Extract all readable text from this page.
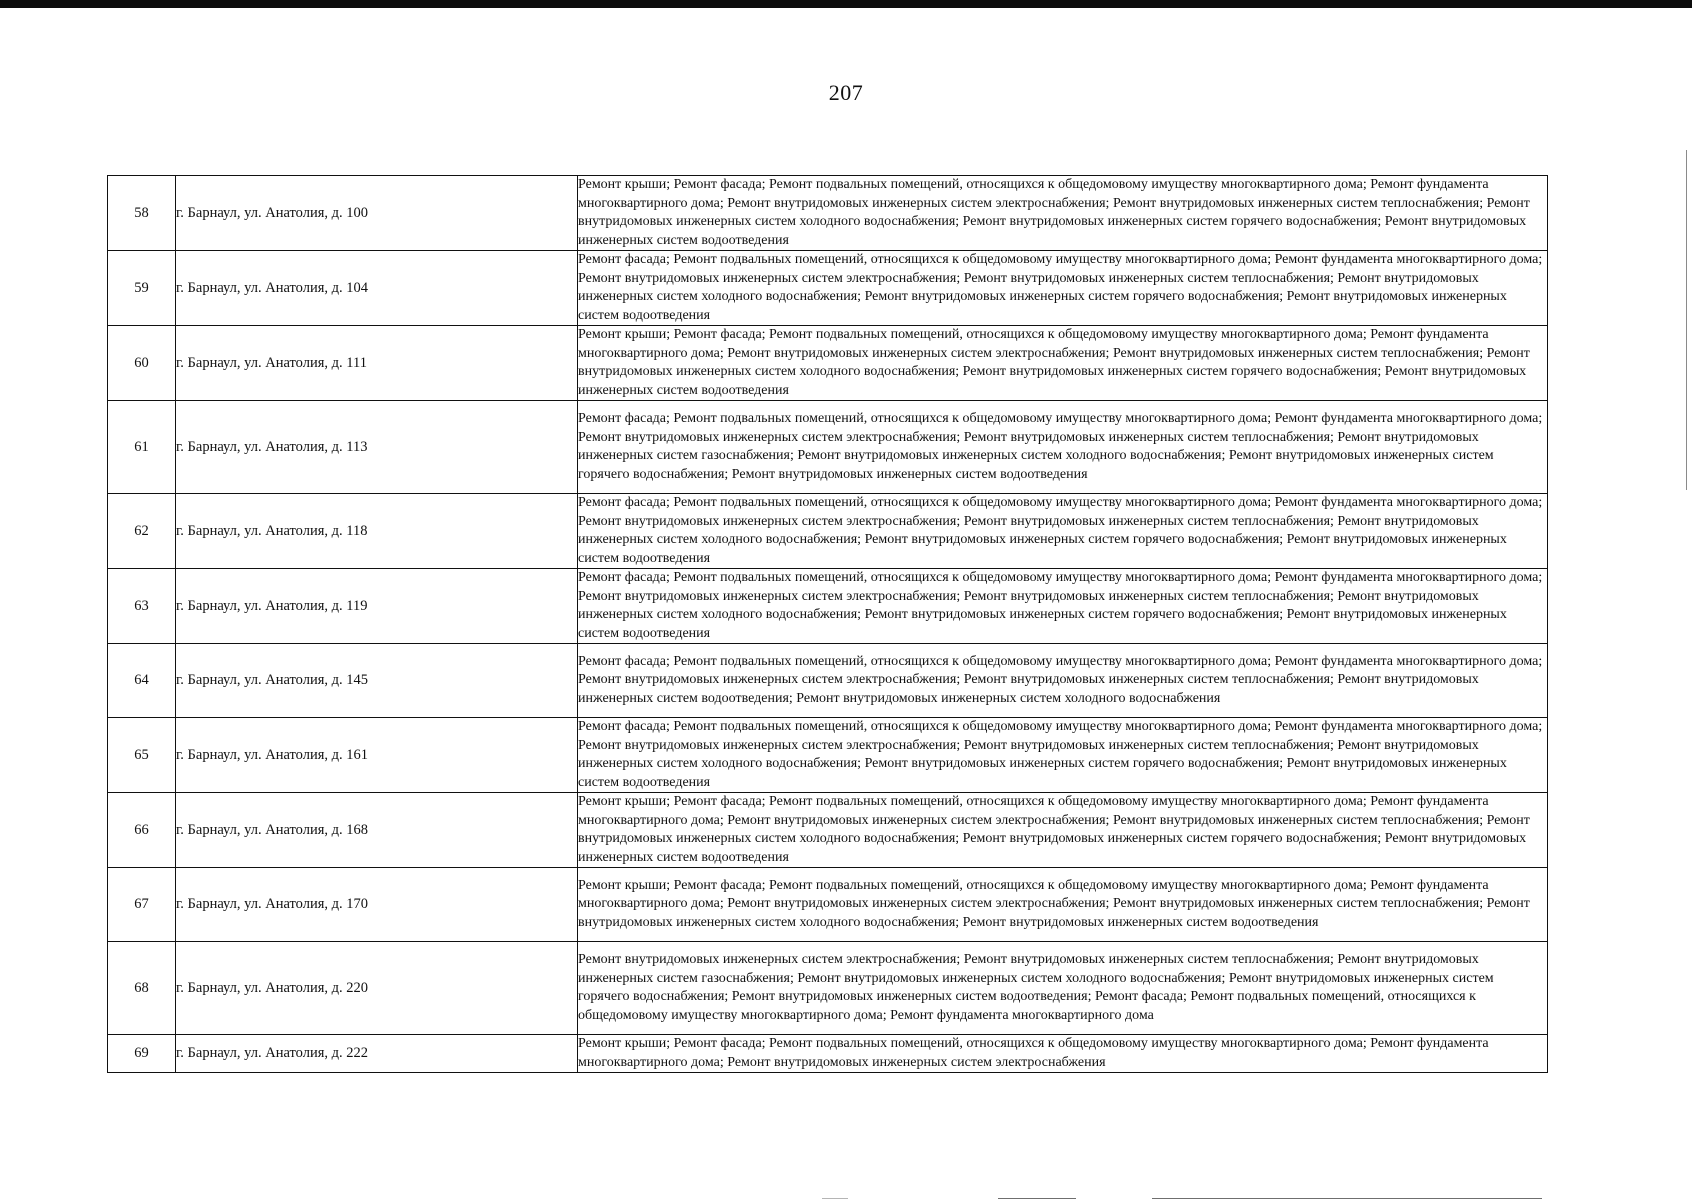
207
58	г. Барнаул, ул. Анатолия, д. 100	Ремонт крыши; Ремонт фасада; Ремонт подвальных помещений, относящихся к общедомовому имуществу многоквартирного дома; Ремонт фундамента многоквартирного дома; Ремонт внутридомовых инженерных систем электроснабжения; Ремонт внутридомовых инженерных систем теплоснабжения; Ремонт внутридомовых инженерных систем холодного водоснабжения; Ремонт внутридомовых инженерных систем горячего водоснабжения; Ремонт внутридомовых инженерных систем водоотведения
59	г. Барнаул, ул. Анатолия, д. 104	Ремонт фасада; Ремонт подвальных помещений, относящихся к общедомовому имуществу многоквартирного дома; Ремонт фундамента многоквартирного дома; Ремонт внутридомовых инженерных систем электроснабжения; Ремонт внутридомовых инженерных систем теплоснабжения; Ремонт внутридомовых инженерных систем холодного водоснабжения; Ремонт внутридомовых инженерных систем горячего водоснабжения; Ремонт внутридомовых инженерных систем водоотведения
60	г. Барнаул, ул. Анатолия, д. 111	Ремонт крыши; Ремонт фасада; Ремонт подвальных помещений, относящихся к общедомовому имуществу многоквартирного дома; Ремонт фундамента многоквартирного дома; Ремонт внутридомовых инженерных систем электроснабжения; Ремонт внутридомовых инженерных систем теплоснабжения; Ремонт внутридомовых инженерных систем холодного водоснабжения; Ремонт внутридомовых инженерных систем горячего водоснабжения; Ремонт внутридомовых инженерных систем водоотведения
61	г. Барнаул, ул. Анатолия, д. 113	Ремонт фасада; Ремонт подвальных помещений, относящихся к общедомовому имуществу многоквартирного дома; Ремонт фундамента многоквартирного дома; Ремонт внутридомовых инженерных систем электроснабжения; Ремонт внутридомовых инженерных систем теплоснабжения; Ремонт внутридомовых инженерных систем газоснабжения; Ремонт внутридомовых инженерных систем холодного водоснабжения; Ремонт внутридомовых инженерных систем горячего водоснабжения; Ремонт внутридомовых инженерных систем водоотведения
62	г. Барнаул, ул. Анатолия, д. 118	Ремонт фасада; Ремонт подвальных помещений, относящихся к общедомовому имуществу многоквартирного дома; Ремонт фундамента многоквартирного дома; Ремонт внутридомовых инженерных систем электроснабжения; Ремонт внутридомовых инженерных систем теплоснабжения; Ремонт внутридомовых инженерных систем холодного водоснабжения; Ремонт внутридомовых инженерных систем горячего водоснабжения; Ремонт внутридомовых инженерных систем водоотведения
63	г. Барнаул, ул. Анатолия, д. 119	Ремонт фасада; Ремонт подвальных помещений, относящихся к общедомовому имуществу многоквартирного дома; Ремонт фундамента многоквартирного дома; Ремонт внутридомовых инженерных систем электроснабжения; Ремонт внутридомовых инженерных систем теплоснабжения; Ремонт внутридомовых инженерных систем холодного водоснабжения; Ремонт внутридомовых инженерных систем горячего водоснабжения; Ремонт внутридомовых инженерных систем водоотведения
64	г. Барнаул, ул. Анатолия, д. 145	Ремонт фасада; Ремонт подвальных помещений, относящихся к общедомовому имуществу многоквартирного дома; Ремонт фундамента многоквартирного дома; Ремонт внутридомовых инженерных систем электроснабжения; Ремонт внутридомовых инженерных систем теплоснабжения; Ремонт внутридомовых инженерных систем водоотведения; Ремонт внутридомовых инженерных систем холодного водоснабжения
65	г. Барнаул, ул. Анатолия, д. 161	Ремонт фасада; Ремонт подвальных помещений, относящихся к общедомовому имуществу многоквартирного дома; Ремонт фундамента многоквартирного дома; Ремонт внутридомовых инженерных систем электроснабжения; Ремонт внутридомовых инженерных систем теплоснабжения; Ремонт внутридомовых инженерных систем холодного водоснабжения; Ремонт внутридомовых инженерных систем горячего водоснабжения; Ремонт внутридомовых инженерных систем водоотведения
66	г. Барнаул, ул. Анатолия, д. 168	Ремонт крыши; Ремонт фасада; Ремонт подвальных помещений, относящихся к общедомовому имуществу многоквартирного дома; Ремонт фундамента многоквартирного дома; Ремонт внутридомовых инженерных систем электроснабжения; Ремонт внутридомовых инженерных систем теплоснабжения; Ремонт внутридомовых инженерных систем холодного водоснабжения; Ремонт внутридомовых инженерных систем горячего водоснабжения; Ремонт внутридомовых инженерных систем водоотведения
67	г. Барнаул, ул. Анатолия, д. 170	Ремонт крыши; Ремонт фасада; Ремонт подвальных помещений, относящихся к общедомовому имуществу многоквартирного дома; Ремонт фундамента многоквартирного дома; Ремонт внутридомовых инженерных систем электроснабжения; Ремонт внутридомовых инженерных систем теплоснабжения; Ремонт внутридомовых инженерных систем холодного водоснабжения; Ремонт внутридомовых инженерных систем водоотведения
68	г. Барнаул, ул. Анатолия, д. 220	Ремонт внутридомовых инженерных систем электроснабжения; Ремонт внутридомовых инженерных систем теплоснабжения; Ремонт внутридомовых инженерных систем газоснабжения; Ремонт внутридомовых инженерных систем холодного водоснабжения; Ремонт внутридомовых инженерных систем горячего водоснабжения; Ремонт внутридомовых инженерных систем водоотведения; Ремонт фасада; Ремонт подвальных помещений, относящихся к общедомовому имуществу многоквартирного дома; Ремонт фундамента многоквартирного дома
69	г. Барнаул, ул. Анатолия, д. 222	Ремонт крыши; Ремонт фасада; Ремонт подвальных помещений, относящихся к общедомовому имуществу многоквартирного дома; Ремонт фундамента многоквартирного дома; Ремонт внутридомовых инженерных систем электроснабжения
